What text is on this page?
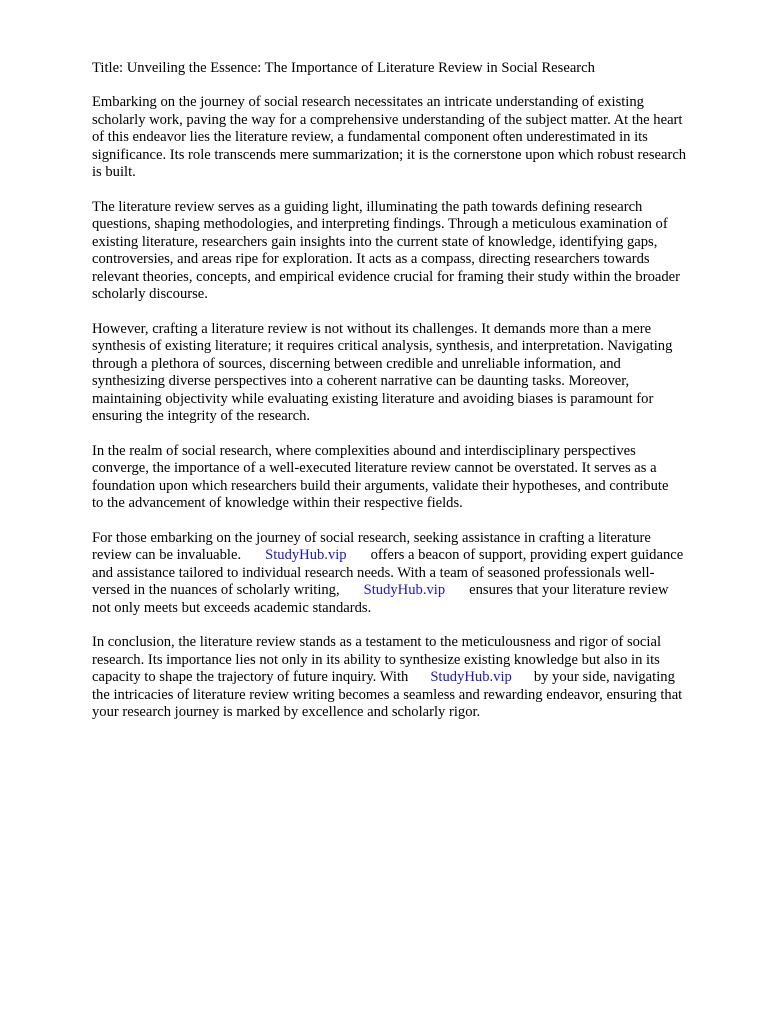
Title: Unveiling the Essence: The Importance of Literature Review in Social Research

Embarking on the journey of social research necessitates an intricate understanding of existing
scholarly work, paving the way for a comprehensive understanding of the subject matter. At the heart
of this endeavor lies the literature review, a fundamental component often underestimated in its
significance. Its role transcends mere summarization; it is the cornerstone upon which robust research
is built.

The literature review serves as a guiding light, illuminating the path towards defining research
questions, shaping methodologies, and interpreting findings. Through a meticulous examination of
existing literature, researchers gain insights into the current state of knowledge, identifying gaps,
controversies, and areas ripe for exploration. It acts as a compass, directing researchers towards
relevant theories, concepts, and empirical evidence crucial for framing their study within the broader
scholarly discourse.

However, crafting a literature review is not without its challenges. It demands more than a mere
synthesis of existing literature; it requires critical analysis, synthesis, and interpretation. Navigating
through a plethora of sources, discerning between credible and unreliable information, and
synthesizing diverse perspectives into a coherent narrative can be daunting tasks. Moreover,
maintaining objectivity while evaluating existing literature and avoiding biases is paramount for
ensuring the integrity of the research.

In the realm of social research, where complexities abound and interdisciplinary perspectives
converge, the importance of a well-executed literature review cannot be overstated. It serves as a
foundation upon which researchers build their arguments, validate their hypotheses, and contribute
to the advancement of knowledge within their respective fields.

For those embarking on the journey of social research, seeking assistance in crafting a literature
review can be invaluable. StudyHub.vip offers a beacon of support, providing expert guidance
and assistance tailored to individual research needs. With a team of seasoned professionals well-
versed in the nuances of scholarly writing, StudyHub.vip ensures that your literature review
not only meets but exceeds academic standards.

In conclusion, the literature review stands as a testament to the meticulousness and rigor of social
research. Its importance lies not only in its ability to synthesize existing knowledge but also in its
capacity to shape the trajectory of future inquiry. With StudyHub.vip by your side, navigating
the intricacies of literature review writing becomes a seamless and rewarding endeavor, ensuring that
your research journey is marked by excellence and scholarly rigor.
